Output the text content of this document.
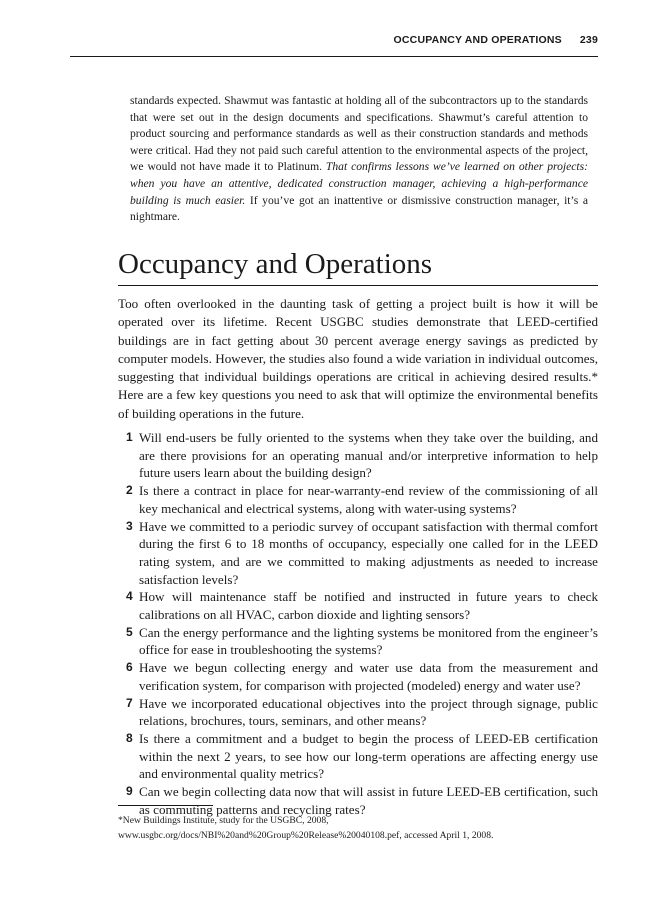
OCCUPANCY AND OPERATIONS 239

standards expected. Shawmut was fantastic at holding all of the subcontractors up to the standards that were set out in the design documents and specifications. Shawmut’s careful attention to product sourcing and performance standards as well as their construction standards and methods were critical. Had they not paid such careful attention to the environmental aspects of the project, we would not have made it to Platinum. That confirms lessons we’ve learned on other projects: when you have an attentive, dedicated construction manager, achieving a high-performance building is much easier. If you’ve got an inattentive or dismissive construction manager, it’s a nightmare.

Occupancy and Operations

Too often overlooked in the daunting task of getting a project built is how it will be operated over its lifetime. Recent USGBC studies demonstrate that LEED-certified buildings are in fact getting about 30 percent average energy savings as predicted by computer models. However, the studies also found a wide variation in individual outcomes, suggesting that individual buildings operations are critical in achieving desired results.* Here are a few key questions you need to ask that will optimize the environmental benefits of building operations in the future.

1 Will end-users be fully oriented to the systems when they take over the building, and are there provisions for an operating manual and/or interpretive information to help future users learn about the building design?
2 Is there a contract in place for near-warranty-end review of the commissioning of all key mechanical and electrical systems, along with water-using systems?
3 Have we committed to a periodic survey of occupant satisfaction with thermal comfort during the first 6 to 18 months of occupancy, especially one called for in the LEED rating system, and are we committed to making adjustments as needed to increase satisfaction levels?
4 How will maintenance staff be notified and instructed in future years to check calibrations on all HVAC, carbon dioxide and lighting sensors?
5 Can the energy performance and the lighting systems be monitored from the engineer’s office for ease in troubleshooting the systems?
6 Have we begun collecting energy and water use data from the measurement and verification system, for comparison with projected (modeled) energy and water use?
7 Have we incorporated educational objectives into the project through signage, public relations, brochures, tours, seminars, and other means?
8 Is there a commitment and a budget to begin the process of LEED-EB certification within the next 2 years, to see how our long-term operations are affecting energy use and environmental quality metrics?
9 Can we begin collecting data now that will assist in future LEED-EB certification, such as commuting patterns and recycling rates?

*New Buildings Institute, study for the USGBC, 2008, www.usgbc.org/docs/NBI%20and%20Group%20Release%20040108.pef, accessed April 1, 2008.
